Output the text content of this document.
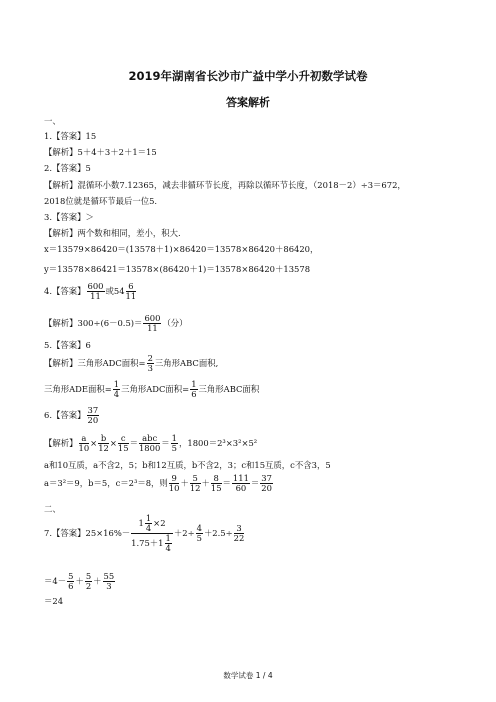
2019年湖南省长沙市广益中学小升初数学试卷
答案解析
一、
1.【答案】15
【解析】5＋4＋3＋2＋1＝15
2.【答案】5
【解析】混循环小数7.12365，减去非循环节长度，再除以循环节长度，（2018－2）÷3＝672，
2018位就是循环节最后一位5.
3.【答案】＞
【解析】两个数和相同，差小，积大.
x＝13579×86420＝(13578＋1)×86420＝13578×86420＋86420，
y＝13578×86421＝13578×(86420＋1)＝13578×86420＋13578
4.【答案】 $\frac{600}{11}$ 或$54 \frac{6}{11}$
【解析】$300\div(6-0.5)= \frac{600}{11}$ （分）
5.【答案】6
【解析】三角形ADC面积= $\frac{2}{3}$ 三角形ABC面积,
三角形ADE面积= $\frac{1}{4}$ 三角形ADC面积= $\frac{1}{6}$ 三角形ABC面积
6.【答案】 $\frac{37}{20}$
【解析】 $\frac{a}{10} \times \frac{b}{12} \times \frac{c}{15} = \frac{\text{abc}}{1800} = \frac{1}{5}$ ，1800＝2³×3²×5²
a和10互质，a不含2，5；b和12互质，b不含2，3；c和15互质，c不含3，5
a＝3²＝9，b＝5，c＝2³＝8，则 $\frac{9}{10} + \frac{5}{12} + \frac{8}{15} = \frac{111}{60} = \frac{37}{20}$
二、
7.【答案】$25\times 16\%- \frac{1 \frac{1}{4} \times 2}{1.75+1 \frac{1}{4}} +2\div \frac{4}{5} +2.5\div \frac{3}{22}$
$=4- \frac{5}{6} + \frac{5}{2} + \frac{55}{3}$
＝24
数学试卷 1 / 4
